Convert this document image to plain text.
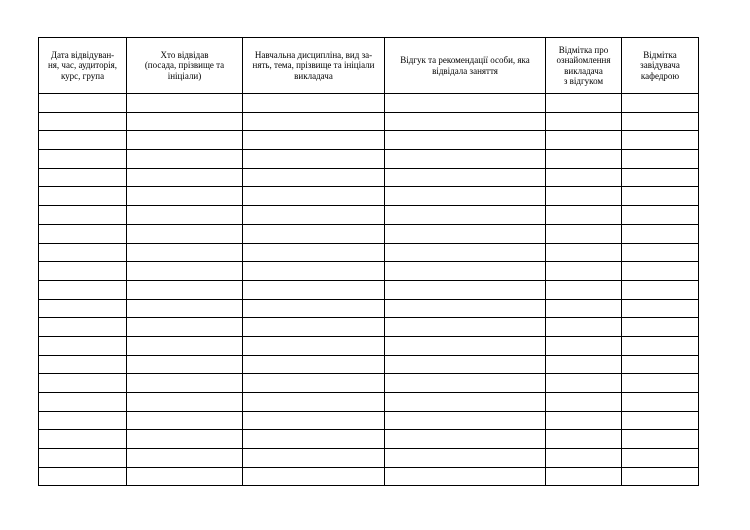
Дата відвідуван-
ня, час, аудиторія,
курс, група	Хто відвідав
(посада, прізвище та
ініціали)	Навчальна дисципліна, вид за-
нять, тема, прізвище та ініціали
викладача	Відгук та рекомендації особи, яка
відвідала заняття	Відмітка про
ознайомлення
викладача
з відгуком	Відмітка
завідувача
кафедрою
